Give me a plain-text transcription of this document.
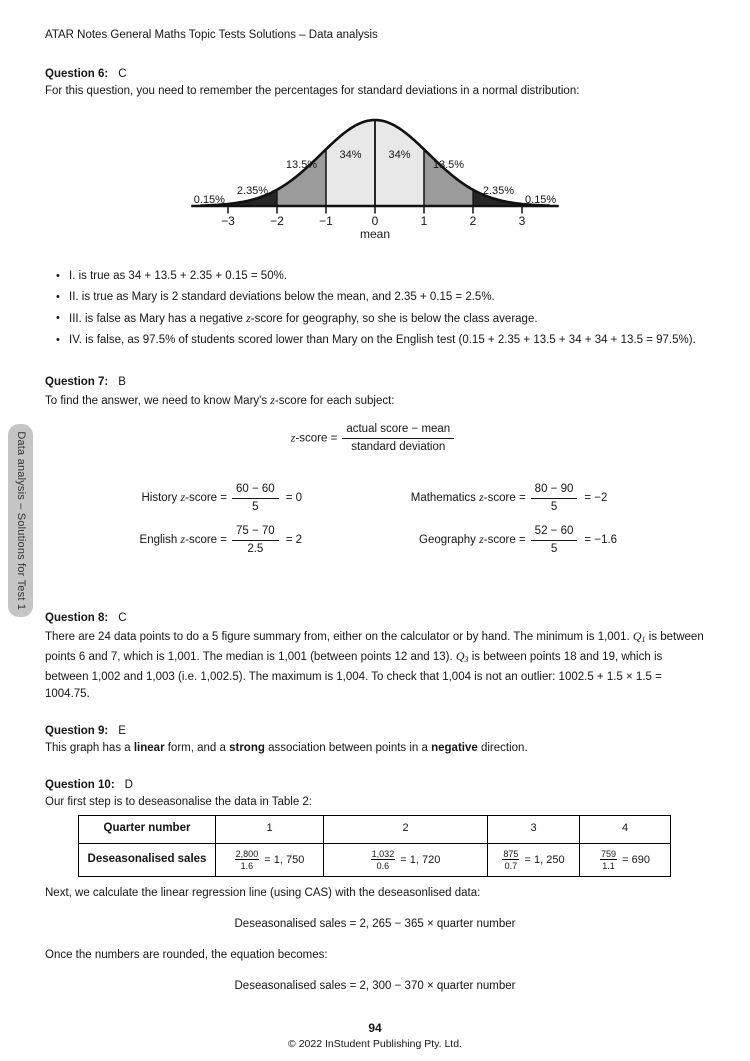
ATAR Notes General Maths Topic Tests Solutions – Data analysis
Question 6: C
For this question, you need to remember the percentages for standard deviations in a normal distribution:
−3	−2	−1	0	1	2	3
mean
0.15%
2.35%
13.5%
34% 34%
13.5%
2.35%
0.15%
• I. is true as 34 + 13.5 + 2.35 + 0.15 = 50%.
• II. is true as Mary is 2 standard deviations below the mean, and 2.35 + 0.15 = 2.5%.
• III. is false as Mary has a negative z-score for geography, so she is below the class average.
• IV. is false, as 97.5% of students scored lower than Mary on the English test (0.15 + 2.35 + 13.5 + 34 + 34 + 13.5 = 97.5%).
Question 7: B
To find the answer, we need to know Mary's z-score for each subject:
z-score = $\frac{\text{actual score − mean}}{\text{standard deviation}}$
History z-score = $\frac{60 - 60}{5} = 0$
English z-score = $\frac{75 - 70}{2.5} = 2$
Mathematics z-score = $\frac{80 - 90}{5} = -2$
Geography z-score = $\frac{52 - 60}{5} = -1.6$
Question 8: C
There are 24 data points to do a 5 figure summary from, either on the calculator or by hand. The minimum is 1,001. $Q_1$ is between points 6 and 7, which is 1,001. The median is 1,001 (between points 12 and 13). $Q_3$ is between points 18 and 19, which is between 1,002 and 1,003 (i.e. 1,002.5). The maximum is 1,004. To check that 1,004 is not an outlier: 1002.5 + 1.5 × 1.5 = 1004.75.
Question 9: E
This graph has a linear form, and a strong association between points in a negative direction.
Question 10: D
Our first step is to deseasonalise the data in Table 2:
Quarter number	1	2	3	4
Deseasonalised sales	$\frac{2,800}{1.6} = 1$, 750	$\frac{1,032}{0.6} = 1$, 720	$\frac{875}{0.7} = 1$, 250	$\frac{759}{1.1} = 690$
Next, we calculate the linear regression line (using CAS) with the deseasonlised data:
Deseasonalised sales = 2, 265 − 365 × quarter number
Once the numbers are rounded, the equation becomes:
Deseasonalised sales = 2, 300 − 370 × quarter number
Data analysis – Solutions for Test 1
94
© 2022 InStudent Publishing Pty. Ltd.
